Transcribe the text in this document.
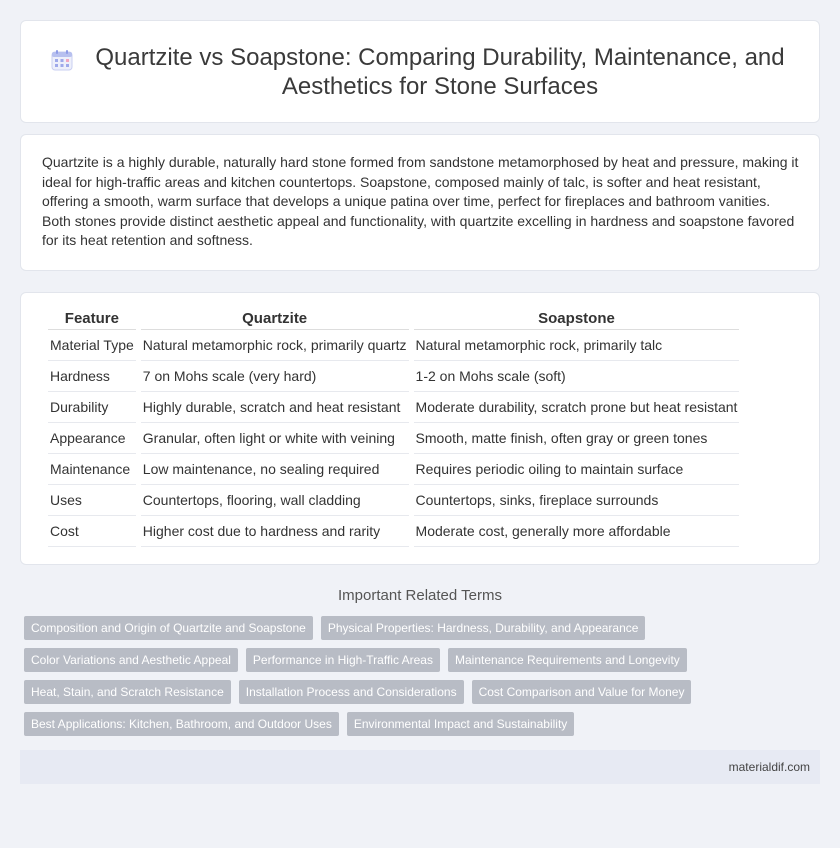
Quartzite vs Soapstone: Comparing Durability, Maintenance, and Aesthetics for Stone Surfaces

Quartzite is a highly durable, naturally hard stone formed from sandstone metamorphosed by heat and pressure, making it ideal for high-traffic areas and kitchen countertops. Soapstone, composed mainly of talc, is softer and heat resistant, offering a smooth, warm surface that develops a unique patina over time, perfect for fireplaces and bathroom vanities. Both stones provide distinct aesthetic appeal and functionality, with quartzite excelling in hardness and soapstone favored for its heat retention and softness.

Feature	Quartzite	Soapstone
Material Type	Natural metamorphic rock, primarily quartz	Natural metamorphic rock, primarily talc
Hardness	7 on Mohs scale (very hard)	1-2 on Mohs scale (soft)
Durability	Highly durable, scratch and heat resistant	Moderate durability, scratch prone but heat resistant
Appearance	Granular, often light or white with veining	Smooth, matte finish, often gray or green tones
Maintenance	Low maintenance, no sealing required	Requires periodic oiling to maintain surface
Uses	Countertops, flooring, wall cladding	Countertops, sinks, fireplace surrounds
Cost	Higher cost due to hardness and rarity	Moderate cost, generally more affordable
Important Related Terms
Composition and Origin of Quartzite and Soapstone	Physical Properties: Hardness, Durability, and Appearance
Color Variations and Aesthetic Appeal	Performance in High-Traffic Areas	Maintenance Requirements and Longevity
Heat, Stain, and Scratch Resistance	Installation Process and Considerations	Cost Comparison and Value for Money
Best Applications: Kitchen, Bathroom, and Outdoor Uses	Environmental Impact and Sustainability
materialdif.com
